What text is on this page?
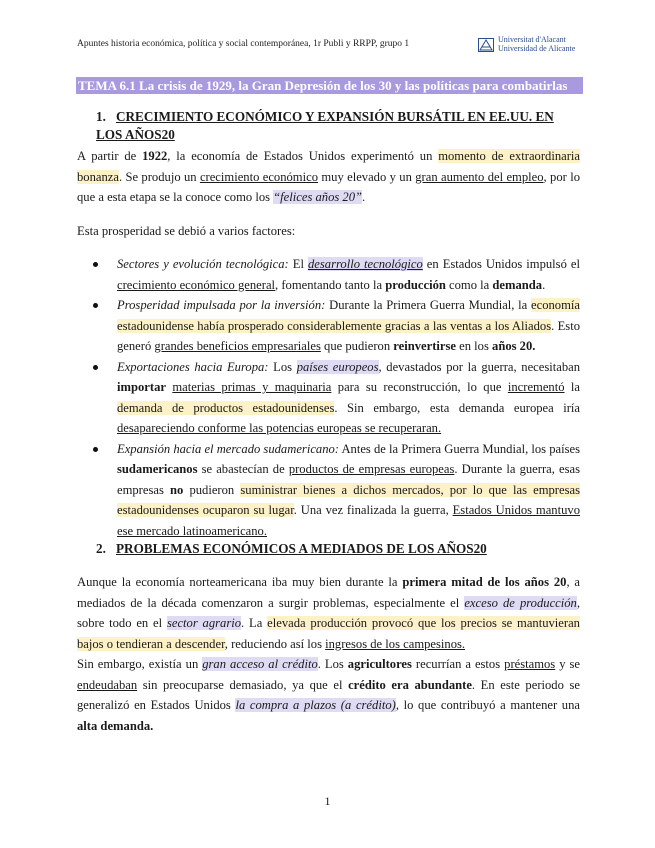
Apuntes historia económica, política y social contemporánea, 1r Publi y RRPP, grupo 1	Universitat d'Alacant
Universidad de Alicante
TEMA 6.1 La crisis de 1929, la Gran Depresión de los 30 y las políticas para combatirlas
1. CRECIMIENTO ECONÓMICO Y EXPANSIÓN BURSÁTIL EN EE.UU. EN LOS AÑOS20

A partir de 1922, la economía de Estados Unidos experimentó un momento de extraordinaria bonanza. Se produjo un crecimiento económico muy elevado y un gran aumento del empleo, por lo que a esta etapa se la conoce como los “felices años 20”.

Esta prosperidad se debió a varios factores:

Sectores y evolución tecnológica: El desarrollo tecnológico en Estados Unidos impulsó el crecimiento económico general, fomentando tanto la producción como la demanda.
Prosperidad impulsada por la inversión: Durante la Primera Guerra Mundial, la economía estadounidense había prosperado considerablemente gracias a las ventas a los Aliados. Esto generó grandes beneficios empresariales que pudieron reinvertirse en los años 20.
Exportaciones hacia Europa: Los países europeos, devastados por la guerra, necesitaban importar materias primas y maquinaria para su reconstrucción, lo que incrementó la demanda de productos estadounidenses. Sin embargo, esta demanda europea iría desapareciendo conforme las potencias europeas se recuperaran.
Expansión hacia el mercado sudamericano: Antes de la Primera Guerra Mundial, los países sudamericanos se abastecían de productos de empresas europeas. Durante la guerra, esas empresas no pudieron suministrar bienes a dichos mercados, por lo que las empresas estadounidenses ocuparon su lugar. Una vez finalizada la guerra, Estados Unidos mantuvo ese mercado latinoamericano.
2. PROBLEMAS ECONÓMICOS A MEDIADOS DE LOS AÑOS20

Aunque la economía norteamericana iba muy bien durante la primera mitad de los años 20, a mediados de la década comenzaron a surgir problemas, especialmente el exceso de producción, sobre todo en el sector agrario. La elevada producción provocó que los precios se mantuvieran bajos o tendieran a descender, reduciendo así los ingresos de los campesinos.

Sin embargo, existía un gran acceso al crédito. Los agricultores recurrían a estos préstamos y se endeudaban sin preocuparse demasiado, ya que el crédito era abundante. En este periodo se generalizó en Estados Unidos la compra a plazos (a crédito), lo que contribuyó a mantener una alta demanda.

1
